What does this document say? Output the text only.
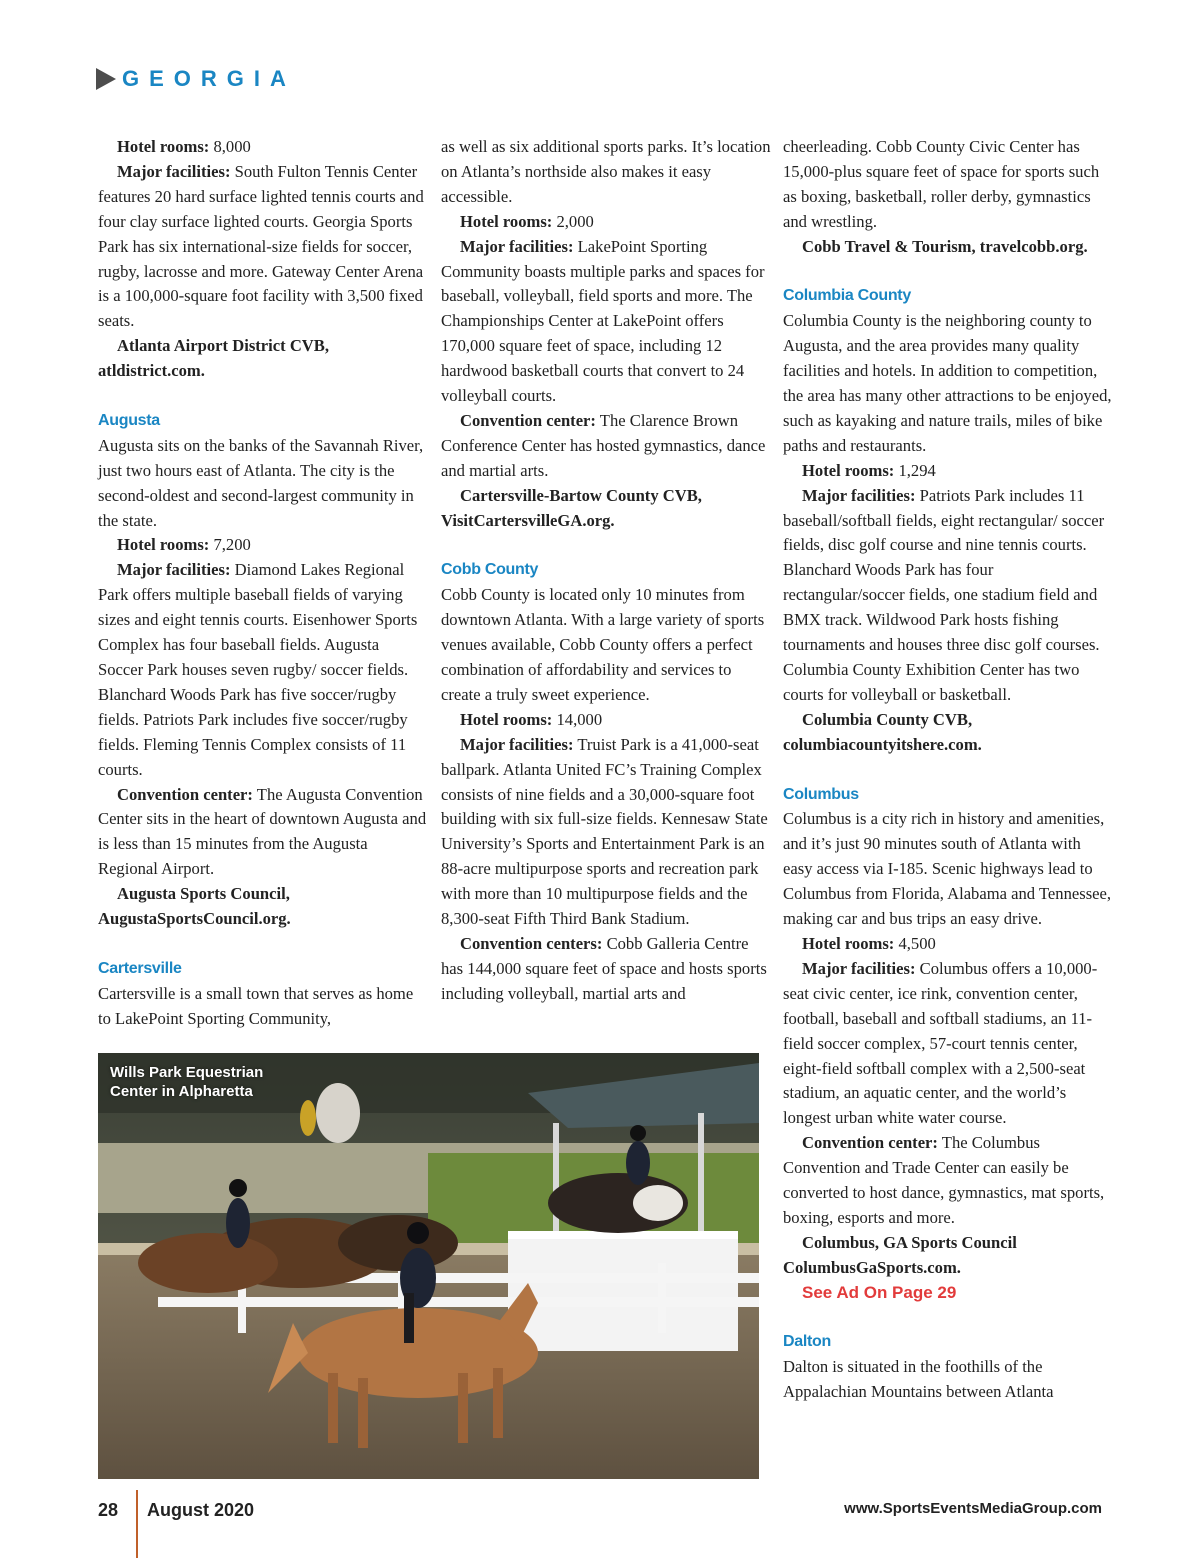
GEORGIA

Hotel rooms: 8,000

Major facilities: South Fulton Tennis Center features 20 hard surface lighted tennis courts and four clay surface lighted courts. Georgia Sports Park has six international-size fields for soccer, rugby, lacrosse and more. Gateway Center Arena is a 100,000-square foot facility with 3,500 fixed seats.

Atlanta Airport District CVB, atldistrict.com.

Augusta

Augusta sits on the banks of the Savannah River, just two hours east of Atlanta. The city is the second-oldest and second-largest community in the state.

Hotel rooms: 7,200

Major facilities: Diamond Lakes Regional Park offers multiple baseball fields of varying sizes and eight tennis courts. Eisenhower Sports Complex has four baseball fields. Augusta Soccer Park houses seven rugby/ soccer fields. Blanchard Woods Park has five soccer/rugby fields. Patriots Park includes five soccer/rugby fields. Fleming Tennis Complex consists of 11 courts.

Convention center: The Augusta Convention Center sits in the heart of downtown Augusta and is less than 15 minutes from the Augusta Regional Airport.

Augusta Sports Council, AugustaSportsCouncil.org.

Cartersville

Cartersville is a small town that serves as home to LakePoint Sporting Community,

as well as six additional sports parks. It’s location on Atlanta’s northside also makes it easy accessible.

Hotel rooms: 2,000

Major facilities: LakePoint Sporting Community boasts multiple parks and spaces for baseball, volleyball, field sports and more. The Championships Center at LakePoint offers 170,000 square feet of space, including 12 hardwood basketball courts that convert to 24 volleyball courts.

Convention center: The Clarence Brown Conference Center has hosted gymnastics, dance and martial arts.

Cartersville-Bartow County CVB, VisitCartersvilleGA.org.

Cobb County

Cobb County is located only 10 minutes from downtown Atlanta. With a large variety of sports venues available, Cobb County offers a perfect combination of affordability and services to create a truly sweet experience.

Hotel rooms: 14,000

Major facilities: Truist Park is a 41,000-seat ballpark. Atlanta United FC’s Training Complex consists of nine fields and a 30,000-square foot building with six full-size fields. Kennesaw State University’s Sports and Entertainment Park is an 88-acre multipurpose sports and recreation park with more than 10 multipurpose fields and the 8,300-seat Fifth Third Bank Stadium.

Convention centers: Cobb Galleria Centre has 144,000 square feet of space and hosts sports including volleyball, martial arts and

cheerleading. Cobb County Civic Center has 15,000-plus square feet of space for sports such as boxing, basketball, roller derby, gymnastics and wrestling.

Cobb Travel & Tourism, travelcobb.org.

Columbia County

Columbia County is the neighboring county to Augusta, and the area provides many quality facilities and hotels. In addition to competition, the area has many other attractions to be enjoyed, such as kayaking and nature trails, miles of bike paths and restaurants.

Hotel rooms: 1,294

Major facilities: Patriots Park includes 11 baseball/softball fields, eight rectangular/ soccer fields, disc golf course and nine tennis courts. Blanchard Woods Park has four rectangular/soccer fields, one stadium field and BMX track. Wildwood Park hosts fishing tournaments and houses three disc golf courses. Columbia County Exhibition Center has two courts for volleyball or basketball.

Columbia County CVB, columbiacountyitshere.com.

Columbus

Columbus is a city rich in history and amenities, and it’s just 90 minutes south of Atlanta with easy access via I-185. Scenic highways lead to Columbus from Florida, Alabama and Tennessee, making car and bus trips an easy drive.

Hotel rooms: 4,500

Major facilities: Columbus offers a 10,000-seat civic center, ice rink, convention center, football, baseball and softball stadiums, an 11-field soccer complex, 57-court tennis center, eight-field softball complex with a 2,500-seat stadium, an aquatic center, and the world’s longest urban white water course.

Convention center: The Columbus Convention and Trade Center can easily be converted to host dance, gymnastics, mat sports, boxing, esports and more.

Columbus, GA Sports Council ColumbusGaSports.com.

See Ad On Page 29

Dalton

Dalton is situated in the foothills of the Appalachian Mountains between Atlanta

Wills Park Equestrian Center in Alpharetta
28 August 2020	www.SportsEventsMediaGroup.com
